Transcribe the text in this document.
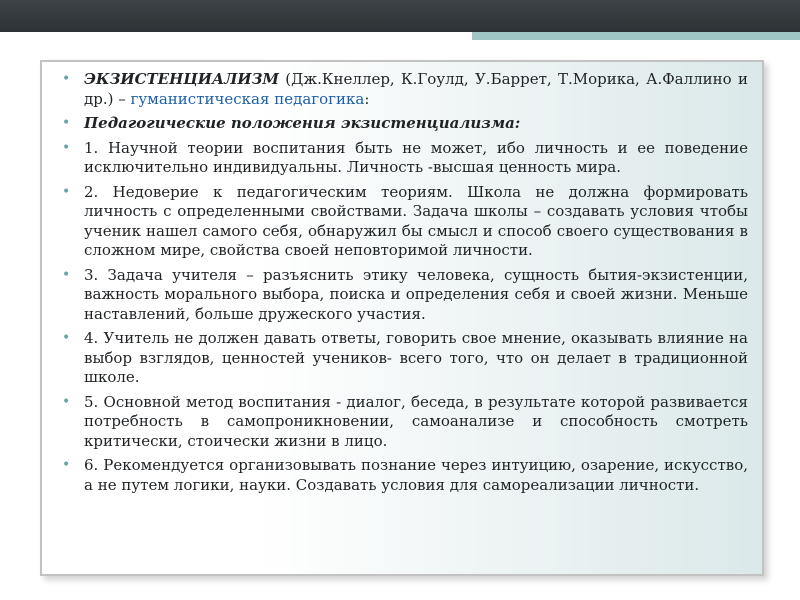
• ЭКЗИСТЕНЦИАЛИЗМ (Дж.Кнеллер, К.Гоулд, У.Баррет, Т.Морика, А.Фаллино и др.) – гуманистическая педагогика:
• Педагогические положения экзистенциализма:
• 1. Научной теории воспитания быть не может, ибо личность и ее поведение исключительно индивидуальны. Личность -высшая ценность мира.
• 2. Недоверие к педагогическим теориям. Школа не должна формировать личность с определенными свойствами. Задача школы – создавать условия чтобы ученик нашел самого себя, обнаружил бы смысл и способ своего существования в сложном мире, свойства своей неповторимой личности.
• 3. Задача учителя – разъяснить этику человека, сущность бытия-экзистенции, важность морального выбора, поиска и определения себя и своей жизни. Меньше наставлений, больше дружеского участия.
• 4. Учитель не должен давать ответы, говорить свое мнение, оказывать влияние на выбор взглядов, ценностей учеников- всего того, что он делает в традиционной школе.
• 5. Основной метод воспитания - диалог, беседа, в результате которой развивается потребность в самопроникновении, самоанализе и способность смотреть критически, стоически жизни в лицо.
• 6. Рекомендуется организовывать познание через интуицию, озарение, искусство, а не путем логики, науки. Создавать условия для самореализации личности.
